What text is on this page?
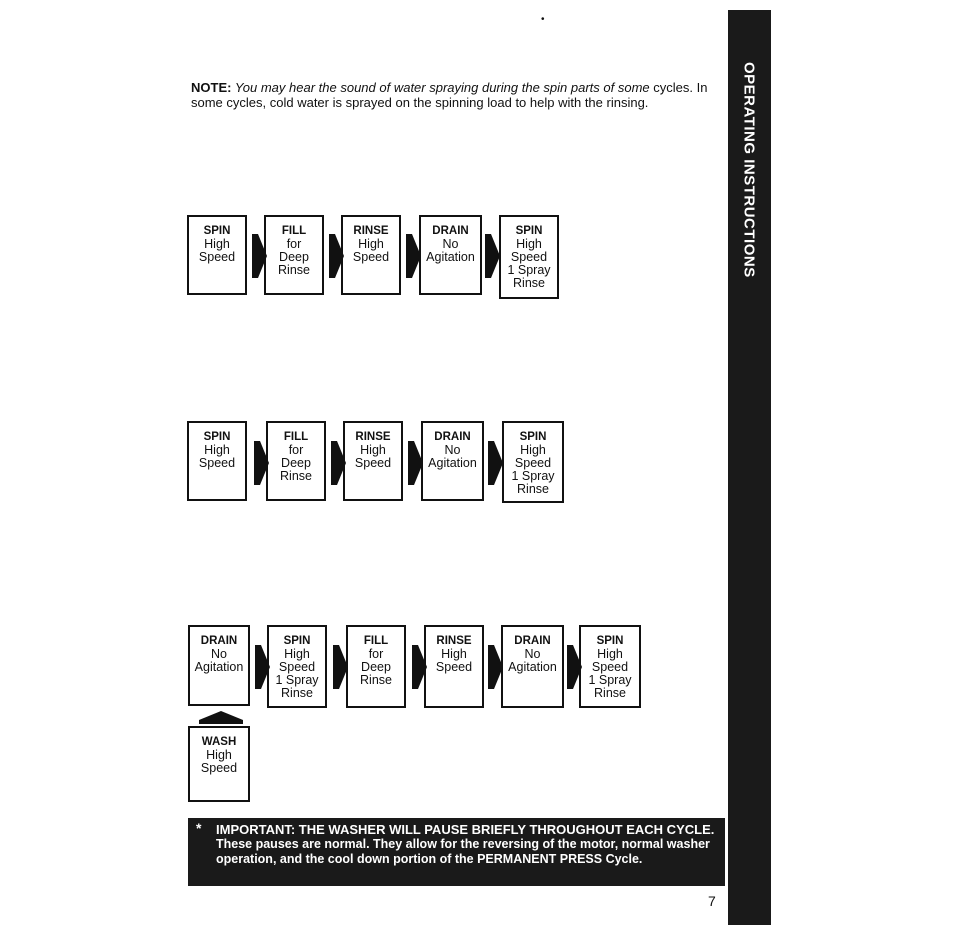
OPERATING INSTRUCTIONS
•
NOTE: You may hear the sound of water spraying during the spin parts of some cycles. In some cycles, cold water is sprayed on the spinning load to help with the rinsing.
SPIN
High
Speed
FILL
for
Deep
Rinse
RINSE
High
Speed
DRAIN
No
Agitation
SPIN
High
Speed
1 Spray
Rinse
SPIN
High
Speed
FILL
for
Deep
Rinse
RINSE
High
Speed
DRAIN
No
Agitation
SPIN
High
Speed
1 Spray
Rinse
DRAIN
No
Agitation
SPIN
High
Speed
1 Spray
Rinse
FILL
for
Deep
Rinse
RINSE
High
Speed
DRAIN
No
Agitation
SPIN
High
Speed
1 Spray
Rinse
WASH
High
Speed
* IMPORTANT: THE WASHER WILL PAUSE BRIEFLY THROUGHOUT EACH CYCLE.
These pauses are normal. They allow for the reversing of the motor, normal washer operation, and the cool down portion of the PERMANENT PRESS Cycle.
7
